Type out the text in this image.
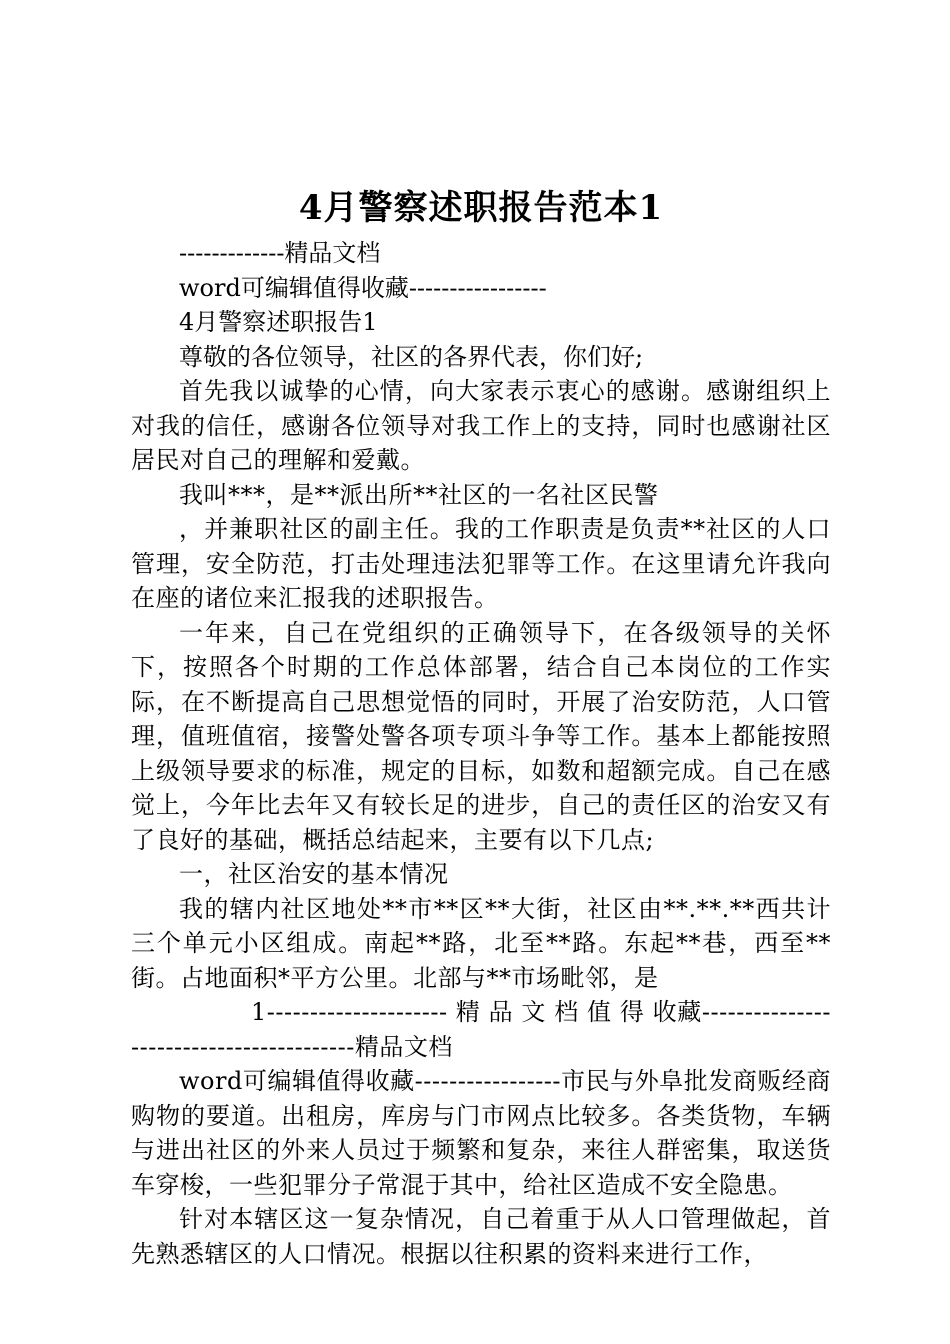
4月警察述职报告范本1
-------------精品文档
word可编辑值得收藏-----------------
4月警察述职报告1
尊敬的各位领导，社区的各界代表，你们好;
首先我以诚挚的心情，向大家表示衷心的感谢。感谢组织上对我的信任，感谢各位领导对我工作上的支持，同时也感谢社区居民对自己的理解和爱戴。
我叫***，是**派出所**社区的一名社区民警
，并兼职社区的副主任。我的工作职责是负责**社区的人口管理，安全防范，打击处理违法犯罪等工作。在这里请允许我向在座的诸位来汇报我的述职报告。
一年来，自己在党组织的正确领导下，在各级领导的关怀下，按照各个时期的工作总体部署，结合自己本岗位的工作实际，在不断提高自己思想觉悟的同时，开展了治安防范，人口管理，值班值宿，接警处警各项专项斗争等工作。基本上都能按照上级领导要求的标准，规定的目标，如数和超额完成。自己在感觉上，今年比去年又有较长足的进步，自己的责任区的治安又有了良好的基础，概括总结起来，主要有以下几点;
一，社区治安的基本情况
我的辖内社区地处**市**区**大街，社区由**.**.**西共计三个单元小区组成。南起**路，北至**路。东起**巷，西至**街。占地面积*平方公里。北部与**市场毗邻，是
1--------------------- 精 品 文 档 值 得 收藏-----------------------------------------精品文档
word可编辑值得收藏-----------------市民与外阜批发商贩经商购物的要道。出租房，库房与门市网点比较多。各类货物，车辆与进出社区的外来人员过于频繁和复杂，来往人群密集，取送货车穿梭，一些犯罪分子常混于其中，给社区造成不安全隐患。
针对本辖区这一复杂情况，自己着重于从人口管理做起，首先熟悉辖区的人口情况。根据以往积累的资料来进行工作，
